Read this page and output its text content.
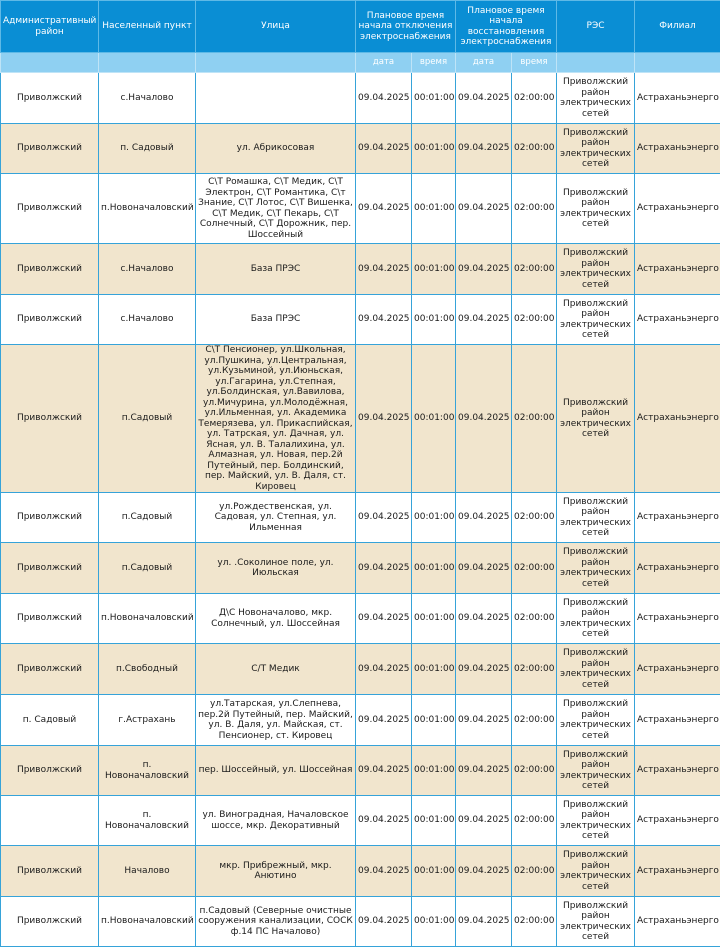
Административный район	Населенный пункт	Улица	Плановое время начала отключения электроснабжения		Плановое время начала восстановления электроснабжения		РЭС	Филиал
			дата	время	дата	время		
Приволжский	с.Началово		09.04.2025	00:01:00	09.04.2025	02:00:00	Приволжский район электрических сетей	Астраханьэнерго
Приволжский	п. Садовый	ул. Абрикосовая	09.04.2025	00:01:00	09.04.2025	02:00:00	Приволжский район электрических сетей	Астраханьэнерго
Приволжский	п.Новоначаловский	С\Т Ромашка, С\Т Медик, С\Т Электрон, С\Т Романтика, С\т Знание, С\Т Лотос, С\Т Вишенка, С\Т Медик, С\Т Пекарь, С\Т Солнечный, С\Т Дорожник, пер. Шоссейный	09.04.2025	00:01:00	09.04.2025	02:00:00	Приволжский район электрических сетей	Астраханьэнерго
Приволжский	с.Началово	База ПРЭС	09.04.2025	00:01:00	09.04.2025	02:00:00	Приволжский район электрических сетей	Астраханьэнерго
Приволжский	с.Началово	База ПРЭС	09.04.2025	00:01:00	09.04.2025	02:00:00	Приволжский район электрических сетей	Астраханьэнерго
Приволжский	п.Садовый	С\Т Пенсионер, ул.Школьная, ул.Пушкина, ул.Центральная, ул.Кузьминой, ул.Июньская, ул.Гагарина, ул.Степная, ул.Болдинская, ул.Вавилова, ул.Мичурина, ул.Молодёжная, ул.Ильменная, ул. Академика Темерязева, ул. Прикаспийская, ул. Татрская, ул. Дачная, ул. Ясная, ул. В. Талалихина, ул. Алмазная, ул. Новая, пер.2й Путейный, пер. Болдинский, пер. Майский, ул. В. Даля, ст. Кировец	09.04.2025	00:01:00	09.04.2025	02:00:00	Приволжский район электрических сетей	Астраханьэнерго
Приволжский	п.Садовый	ул.Рождественская, ул. Садовая, ул. Степная, ул. Ильменная	09.04.2025	00:01:00	09.04.2025	02:00:00	Приволжский район электрических сетей	Астраханьэнерго
Приволжский	п.Садовый	ул. .Соколиное поле, ул. Июльская	09.04.2025	00:01:00	09.04.2025	02:00:00	Приволжский район электрических сетей	Астраханьэнерго
Приволжский	п.Новоначаловский	Д\С Новоначалово, мкр. Солнечный, ул. Шоссейная	09.04.2025	00:01:00	09.04.2025	02:00:00	Приволжский район электрических сетей	Астраханьэнерго
Приволжский	п.Свободный	С/Т Медик	09.04.2025	00:01:00	09.04.2025	02:00:00	Приволжский район электрических сетей	Астраханьэнерго
п. Садовый	г.Астрахань	ул.Татарская, ул.Слепнева, пер.2й Путейный, пер. Майский, ул. В. Даля, ул. Майская, ст. Пенсионер, ст. Кировец	09.04.2025	00:01:00	09.04.2025	02:00:00	Приволжский район электрических сетей	Астраханьэнерго
Приволжский	п. Новоначаловский	пер. Шоссейный, ул. Шоссейная	09.04.2025	00:01:00	09.04.2025	02:00:00	Приволжский район электрических сетей	Астраханьэнерго
	п. Новоначаловский	ул. Виноградная, Началовское шоссе, мкр. Декоративный	09.04.2025	00:01:00	09.04.2025	02:00:00	Приволжский район электрических сетей	Астраханьэнерго
Приволжский	Началово	мкр. Прибрежный, мкр. Анютино	09.04.2025	00:01:00	09.04.2025	02:00:00	Приволжский район электрических сетей	Астраханьэнерго
Приволжский	п.Новоначаловский	п.Садовый (Северные очистные сооружения канализации, СОСК ф.14 ПС Началово)	09.04.2025	00:01:00	09.04.2025	02:00:00	Приволжский район электрических сетей	Астраханьэнерго
